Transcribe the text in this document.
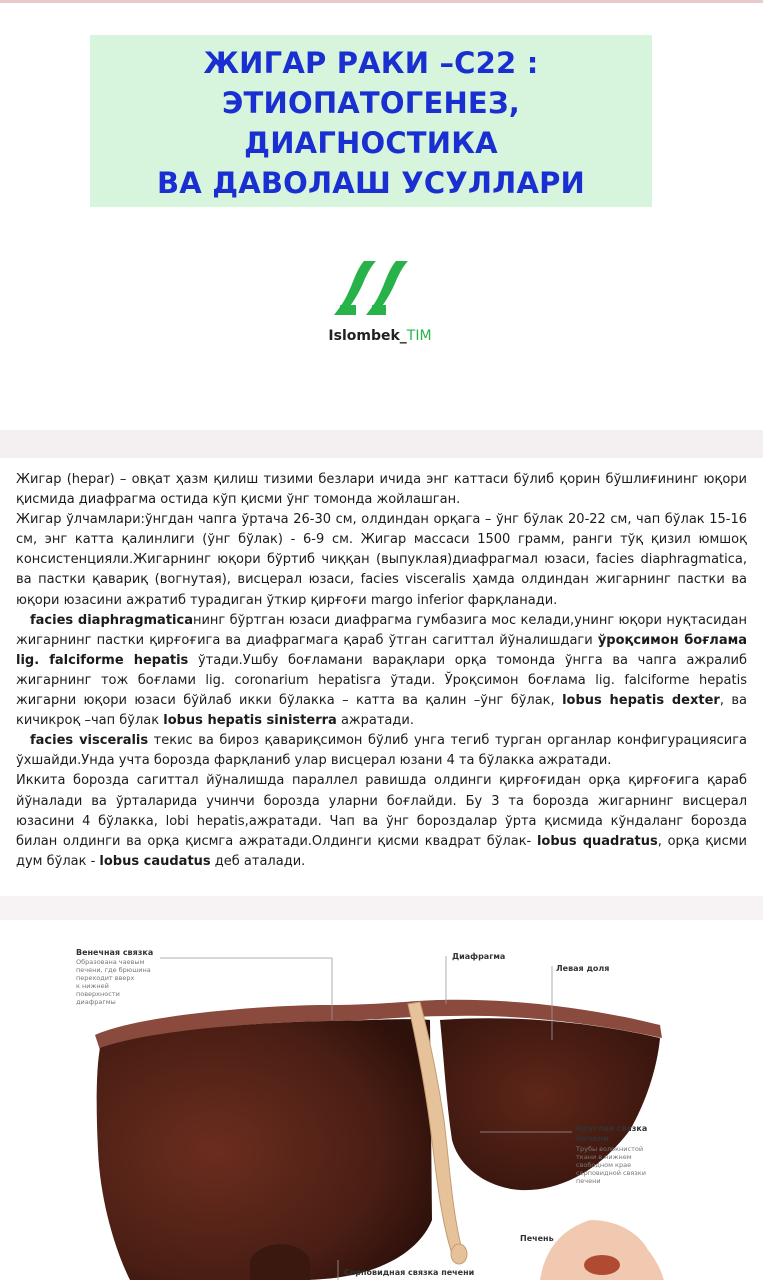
ЖИГАР РАКИ –С22 :
ЭТИОПАТОГЕНЕЗ,
ДИАГНОСТИКА
ВА ДАВОЛАШ УСУЛЛАРИ
Islombek_TIM

Жигар (hepar) – овқат ҳазм қилиш тизими безлари ичида энг каттаси бўлиб қорин бўшлиғининг юқори қисмида диафрагма остида кўп қисми ўнг томонда жойлашган.

Жигар ўлчамлари:ўнгдан чапга ўртача 26-30 см, олдиндан орқага – ўнг бўлак 20-22 см, чап бўлак 15-16 см, энг катта қалинлиги (ўнг бўлак) - 6-9 см. Жигар массаси 1500 грамм, ранги тўқ қизил юмшоқ консистенцияли.Жигарнинг юқори бўртиб чиққан (выпуклая)диафрагмал юзаси, facies diaphragmatica, ва пастки қавариқ (вогнутая), висцерал юзаси, facies visceralis ҳамда олдиндан жигарнинг пастки ва юқори юзасини ажратиб турадиган ўткир қирғоғи margo inferior фарқланади.

facies diaphragmaticaнинг бўртган юзаси диафрагма гумбазига мос келади,унинг юқори нуқтасидан жигарнинг пастки қирғоғига ва диафрагмага қараб ўтган сагиттал йўналишдаги ўроқсимон боғлама lig. falciforme hepatis ўтади.Ушбу боғламани варақлари орқа томонда ўнгга ва чапга ажралиб жигарнинг тож боғлами lig. coronarium hepatisга ўтади. Ўроқсимон боғлама lig. falciforme hepatis жигарни юқори юзаси бўйлаб икки бўлакка – катта ва қалин –ўнг бўлак, lobus hepatis dexter, ва кичикроқ –чап бўлак lobus hepatis sinisterra ажратади.

facies visceralis текис ва бироз қавариқсимон бўлиб унга тегиб турган органлар конфигурациясига ўхшайди.Унда учта борозда фарқланиб улар висцерал юзани 4 та бўлакка ажратади.

Иккита борозда сагиттал йўналишда параллел равишда олдинги қирғоғидан орқа қирғоғига қараб йўналади ва ўрталарида учинчи борозда уларни боғлайди. Бу 3 та борозда жигарнинг висцерал юзасини 4 бўлакка, lobi hepatis,ажратади. Чап ва ўнг бороздалар ўрта қисмида кўндаланг борозда билан олдинги ва орқа қисмга ажратади.Олдинги қисми квадрат бўлак- lobus quadratus, орқа қисми дум бўлак - lobus caudatus деб аталади.

Венечная связка
Образована чаевым
печени, где брюшина
переходит вверх
к нижней
поверхности
диафрагмы
Диафрагма
Левая доля
Круглая связка
печени
Трубы волокнистой
ткани в нижнем
свободном крае
серповидной связки
печени
Печень
Серповидная связка печени
